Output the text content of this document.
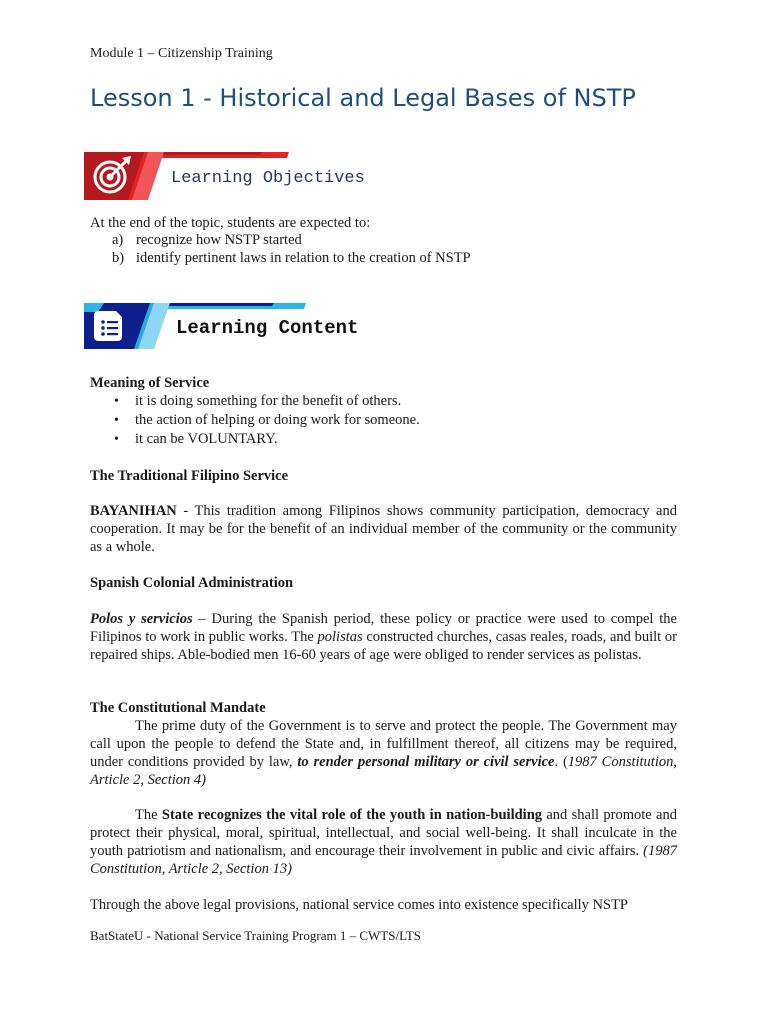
Module 1 – Citizenship Training
Lesson 1 - Historical and Legal Bases of NSTP
Learning Objectives
At the end of the topic, students are expected to:
a) recognize how NSTP started
b) identify pertinent laws in relation to the creation of NSTP
Learning Content
Meaning of Service
• it is doing something for the benefit of others.
• the action of helping or doing work for someone.
• it can be VOLUNTARY.
The Traditional Filipino Service

BAYANIHAN - This tradition among Filipinos shows community participation, democracy and cooperation. It may be for the benefit of an individual member of the community or the community as a whole.

Spanish Colonial Administration

Polos y servicios – During the Spanish period, these policy or practice were used to compel the Filipinos to work in public works. The polistas constructed churches, casas reales, roads, and built or repaired ships. Able-bodied men 16-60 years of age were obliged to render services as polistas.

The Constitutional Mandate

The prime duty of the Government is to serve and protect the people. The Government may call upon the people to defend the State and, in fulfillment thereof, all citizens may be required, under conditions provided by law, to render personal military or civil service. (1987 Constitution, Article 2, Section 4)

The State recognizes the vital role of the youth in nation-building and shall promote and protect their physical, moral, spiritual, intellectual, and social well-being. It shall inculcate in the youth patriotism and nationalism, and encourage their involvement in public and civic affairs. (1987 Constitution, Article 2, Section 13)

Through the above legal provisions, national service comes into existence specifically NSTP

BatStateU - National Service Training Program 1 – CWTS/LTS
